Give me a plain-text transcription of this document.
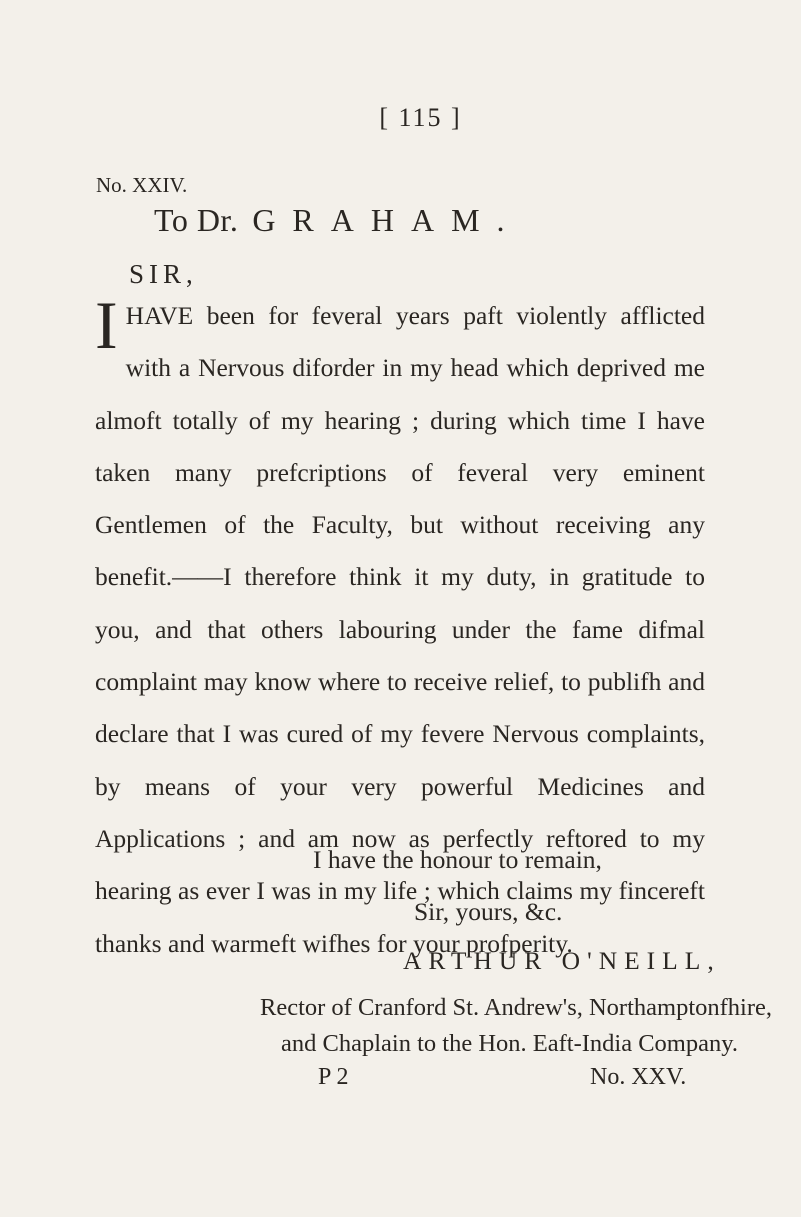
[ 115 ]
No. XXIV.
To Dr. GRAHAM.
SIR,

IHAVE been for feveral years paft violently afflicted with a Nervous diforder in my head which deprived me almoft totally of my hearing ; during which time I have taken many prefcriptions of feveral very eminent Gentlemen of the Faculty, but without receiving any benefit.——I therefore think it my duty, in gratitude to you, and that others labouring under the fame difmal complaint may know where to receive relief, to publifh and declare that I was cured of my fevere Nervous complaints, by means of your very powerful Medicines and Applications ; and am now as perfectly reftored to my hearing as ever I was in my life ; which claims my fincereft thanks and warmeft wifhes for your profperity.

I have the honour to remain,
Sir, yours, &c.
ARTHUR O'NEILL,
Rector of Cranford St. Andrew's, Northamptonfhire,
and Chaplain to the Hon. Eaft-India Company.
P 2	No. XXV.
